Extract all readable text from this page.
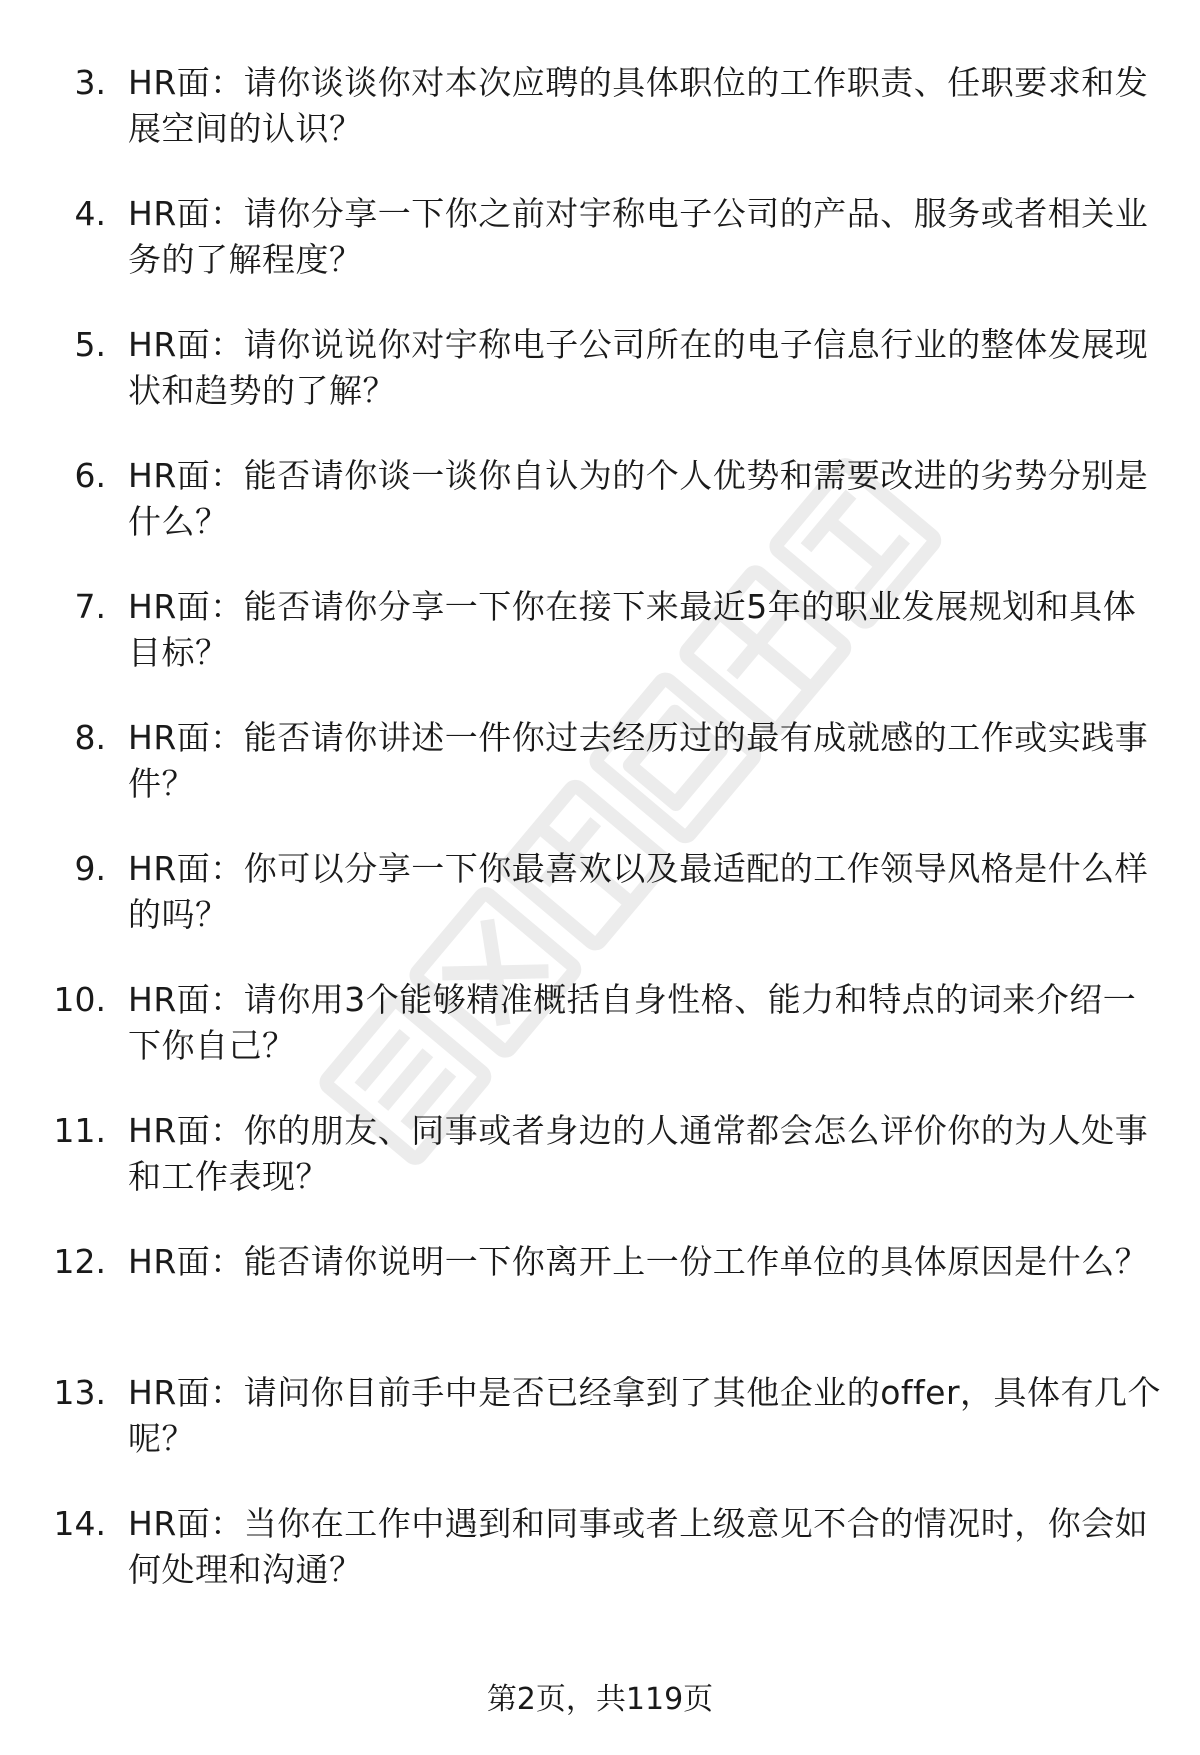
3. HR面：请你谈谈你对本次应聘的具体职位的工作职责、任职要求和发展空间的认识？
4. HR面：请你分享一下你之前对宇称电子公司的产品、服务或者相关业务的了解程度？
5. HR面：请你说说你对宇称电子公司所在的电子信息行业的整体发展现状和趋势的了解？
6. HR面：能否请你谈一谈你自认为的个人优势和需要改进的劣势分别是什么？
7. HR面：能否请你分享一下你在接下来最近5年的职业发展规划和具体目标？
8. HR面：能否请你讲述一件你过去经历过的最有成就感的工作或实践事件？
9. HR面：你可以分享一下你最喜欢以及最适配的工作领导风格是什么样的吗？
10. HR面：请你用3个能够精准概括自身性格、能力和特点的词来介绍一下你自己？
11. HR面：你的朋友、同事或者身边的人通常都会怎么评价你的为人处事和工作表现？
12. HR面：能否请你说明一下你离开上一份工作单位的具体原因是什么？
13. HR面：请问你目前手中是否已经拿到了其他企业的offer，具体有几个呢？
14. HR面：当你在工作中遇到和同事或者上级意见不合的情况时，你会如何处理和沟通？
第2页，共119页
